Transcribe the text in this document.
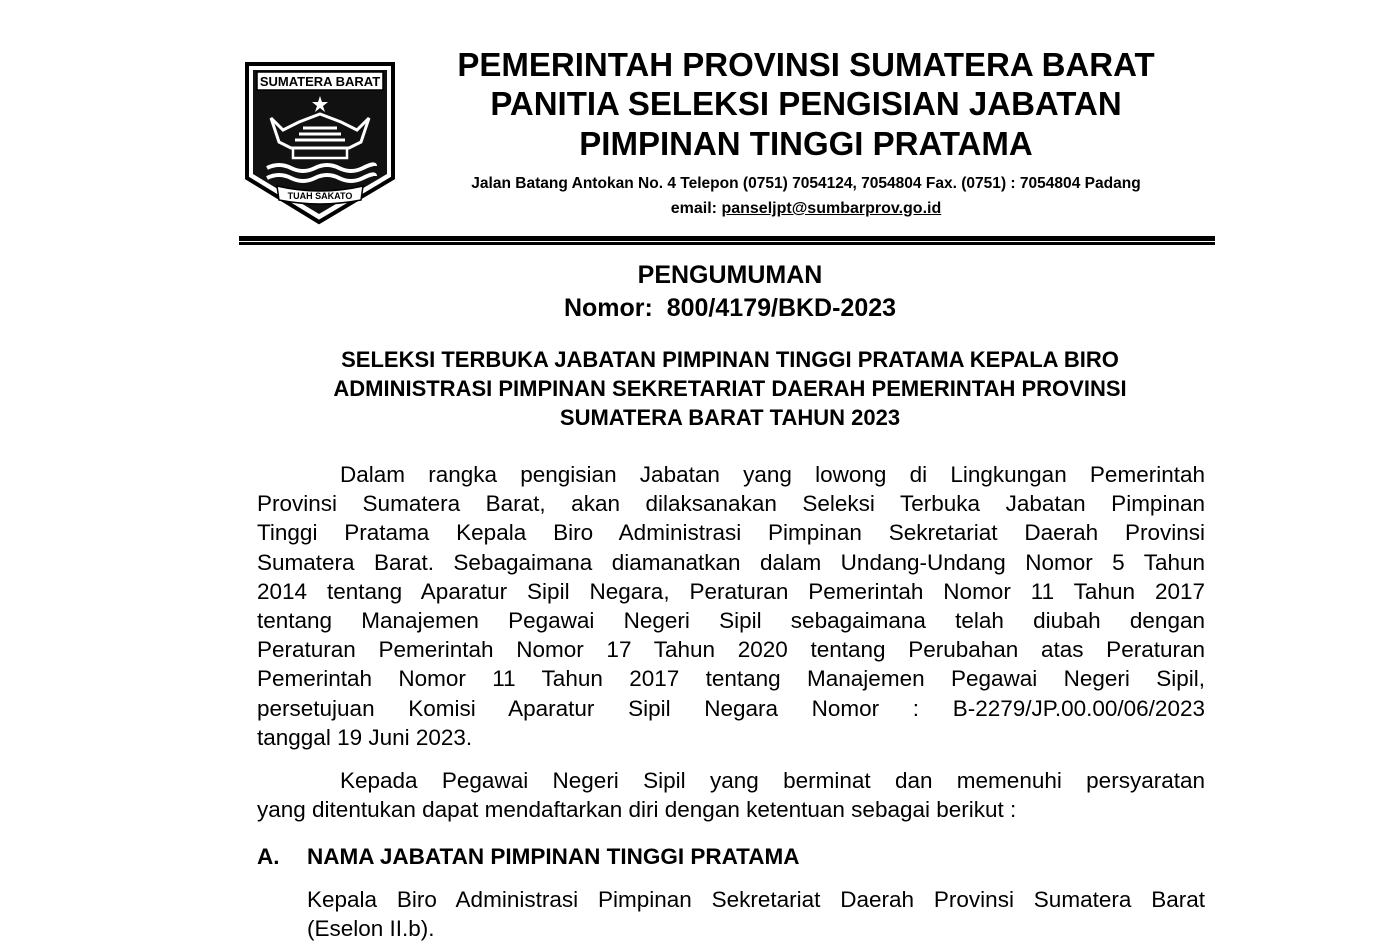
SUMATERA BARAT
TUAH SAKATO
PEMERINTAH PROVINSI SUMATERA BARAT
PANITIA SELEKSI PENGISIAN JABATAN
PIMPINAN TINGGI PRATAMA
Jalan Batang Antokan No. 4 Telepon (0751) 7054124, 7054804 Fax. (0751) : 7054804 Padang
email: panseljpt@sumbarprov.go.id
PENGUMUMAN
Nomor:  800/4179/BKD-2023
SELEKSI TERBUKA JABATAN PIMPINAN TINGGI PRATAMA KEPALA BIRO
ADMINISTRASI PIMPINAN SEKRETARIAT DAERAH PEMERINTAH PROVINSI
SUMATERA BARAT TAHUN 2023
Dalam rangka pengisian Jabatan yang lowong di Lingkungan Pemerintah
Provinsi Sumatera Barat, akan dilaksanakan Seleksi Terbuka Jabatan Pimpinan
Tinggi Pratama Kepala Biro Administrasi Pimpinan Sekretariat Daerah Provinsi
Sumatera Barat. Sebagaimana diamanatkan dalam Undang-Undang Nomor 5 Tahun
2014 tentang Aparatur Sipil Negara, Peraturan Pemerintah Nomor 11 Tahun 2017
tentang Manajemen Pegawai Negeri Sipil sebagaimana telah diubah dengan
Peraturan Pemerintah Nomor 17 Tahun 2020 tentang Perubahan atas Peraturan
Pemerintah Nomor 11 Tahun 2017 tentang Manajemen Pegawai Negeri Sipil,
persetujuan Komisi Aparatur Sipil Negara Nomor : B-2279/JP.00.00/06/2023
tanggal 19 Juni 2023.
Kepada Pegawai Negeri Sipil yang berminat dan memenuhi persyaratan
yang ditentukan dapat mendaftarkan diri dengan ketentuan sebagai berikut :
A. NAMA JABATAN PIMPINAN TINGGI PRATAMA
Kepala Biro Administrasi Pimpinan Sekretariat Daerah Provinsi Sumatera Barat
(Eselon II.b).
